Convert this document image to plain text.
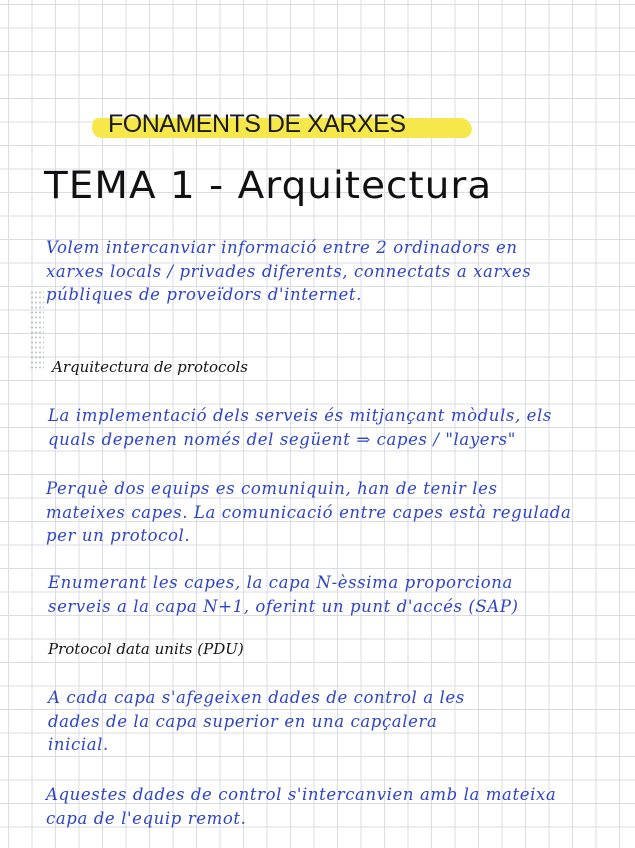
FONAMENTS DE XARXES
TEMA 1 - Arquitectura
Volem intercanviar informació entre 2 ordinadors en
xarxes locals / privades diferents, connectats a xarxes
públiques de proveïdors d'internet.
Arquitectura de protocols
La implementació dels serveis és mitjançant mòduls, els
quals depenen només del següent ⇒ capes / "layers"
Perquè dos equips es comuniquin, han de tenir les
mateixes capes. La comunicació entre capes està regulada
per un protocol.
Enumerant les capes, la capa N-èssima proporciona
serveis a la capa N+1, oferint un punt d'accés (SAP)
Protocol data units (PDU)
A cada capa s'afegeixen dades de control a les
dades de la capa superior en una capçalera
inicial.
Aquestes dades de control s'intercanvien amb la mateixa
capa de l'equip remot.
